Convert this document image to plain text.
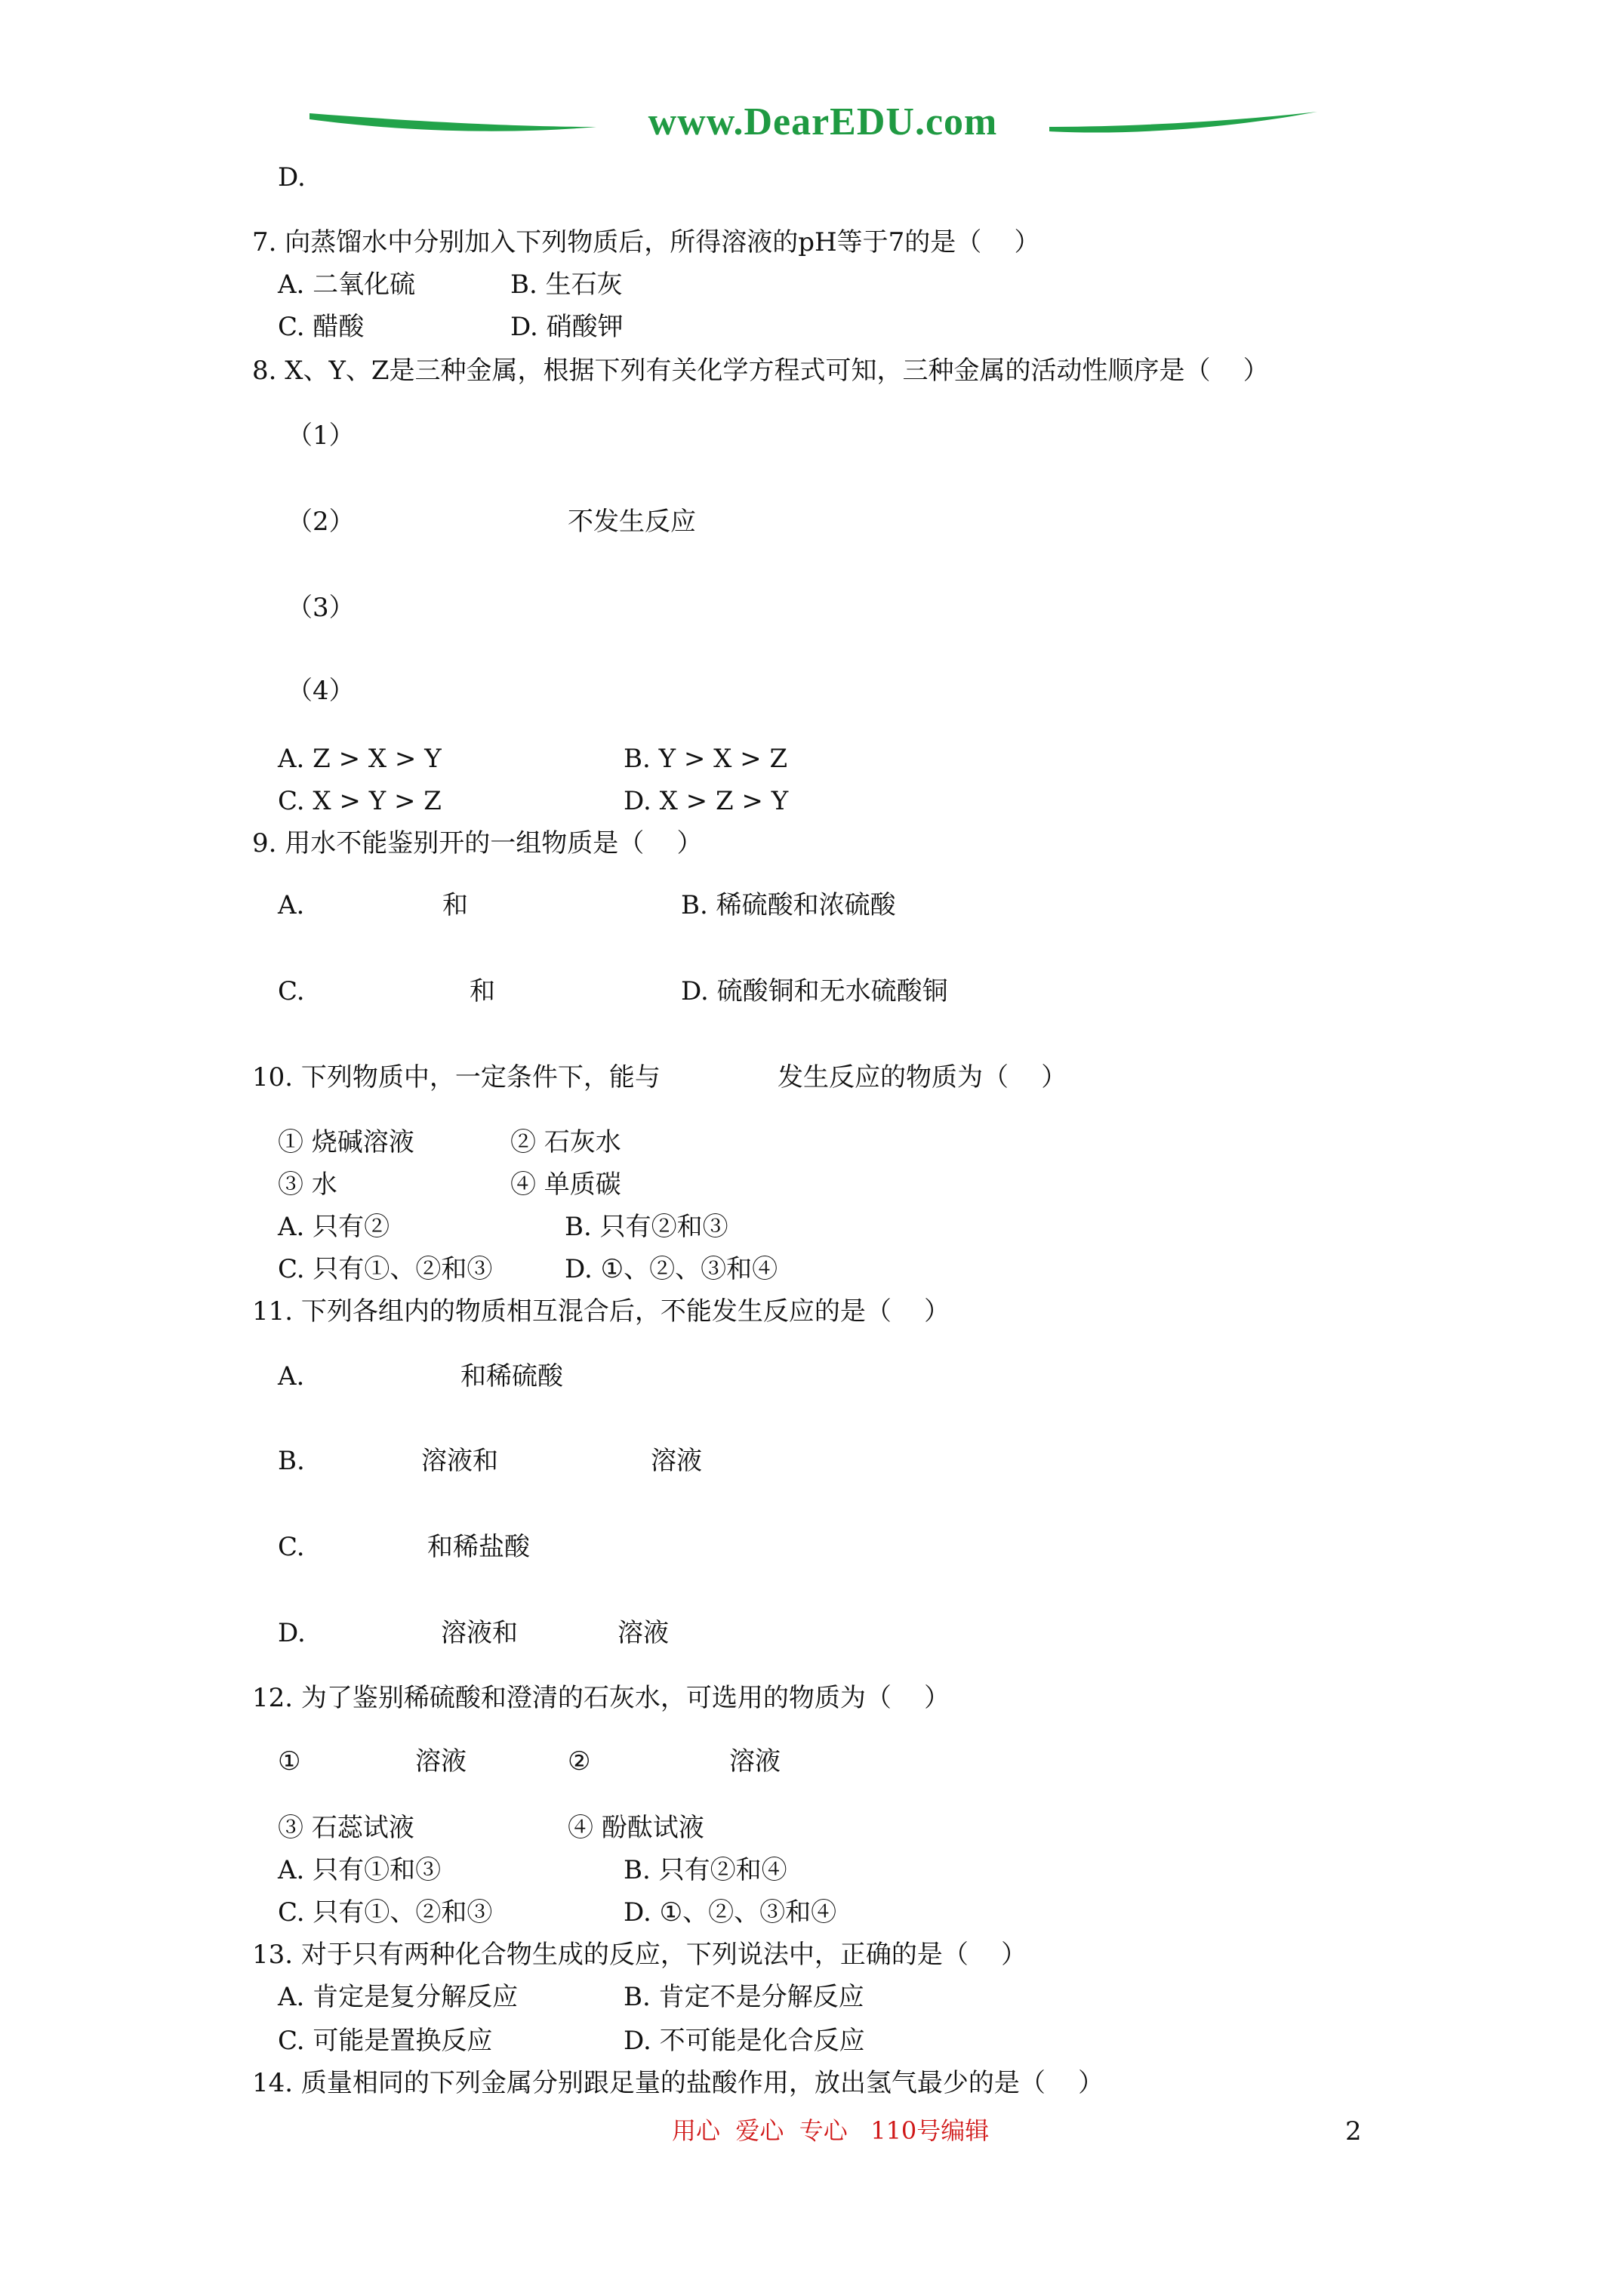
www.DearEDU.com
D.
7. 向蒸馏水中分别加入下列物质后，所得溶液的pH等于7的是（    ）
A. 二氧化硫	B. 生石灰
C. 醋酸	D. 硝酸钾
8. X、Y、Z是三种金属，根据下列有关化学方程式可知，三种金属的活动性顺序是（    ）
（1）
（2）	不发生反应
（3）
（4）
A. Z > X > Y	B. Y > X > Z
C. X > Y > Z	D. X > Z > Y
9. 用水不能鉴别开的一组物质是（    ）
A.	和	B. 稀硫酸和浓硫酸
C.	和	D. 硫酸铜和无水硫酸铜
10. 下列物质中，一定条件下，能与	发生反应的物质为（    ）
① 烧碱溶液	② 石灰水
③ 水	④ 单质碳
A. 只有②	B. 只有②和③
C. 只有①、②和③	D. ①、②、③和④
11. 下列各组内的物质相互混合后，不能发生反应的是（    ）
A.	和稀硫酸
B.	溶液和	溶液
C.	和稀盐酸
D.	溶液和	溶液
12. 为了鉴别稀硫酸和澄清的石灰水，可选用的物质为（    ）
①	溶液	②	溶液
③ 石蕊试液	④ 酚酞试液
A. 只有①和③	B. 只有②和④
C. 只有①、②和③	D. ①、②、③和④
13. 对于只有两种化合物生成的反应，下列说法中，正确的是（    ）
A. 肯定是复分解反应	B. 肯定不是分解反应
C. 可能是置换反应	D. 不可能是化合反应
14. 质量相同的下列金属分别跟足量的盐酸作用，放出氢气最少的是（    ）
用心  爱心  专心   110号编辑	2
